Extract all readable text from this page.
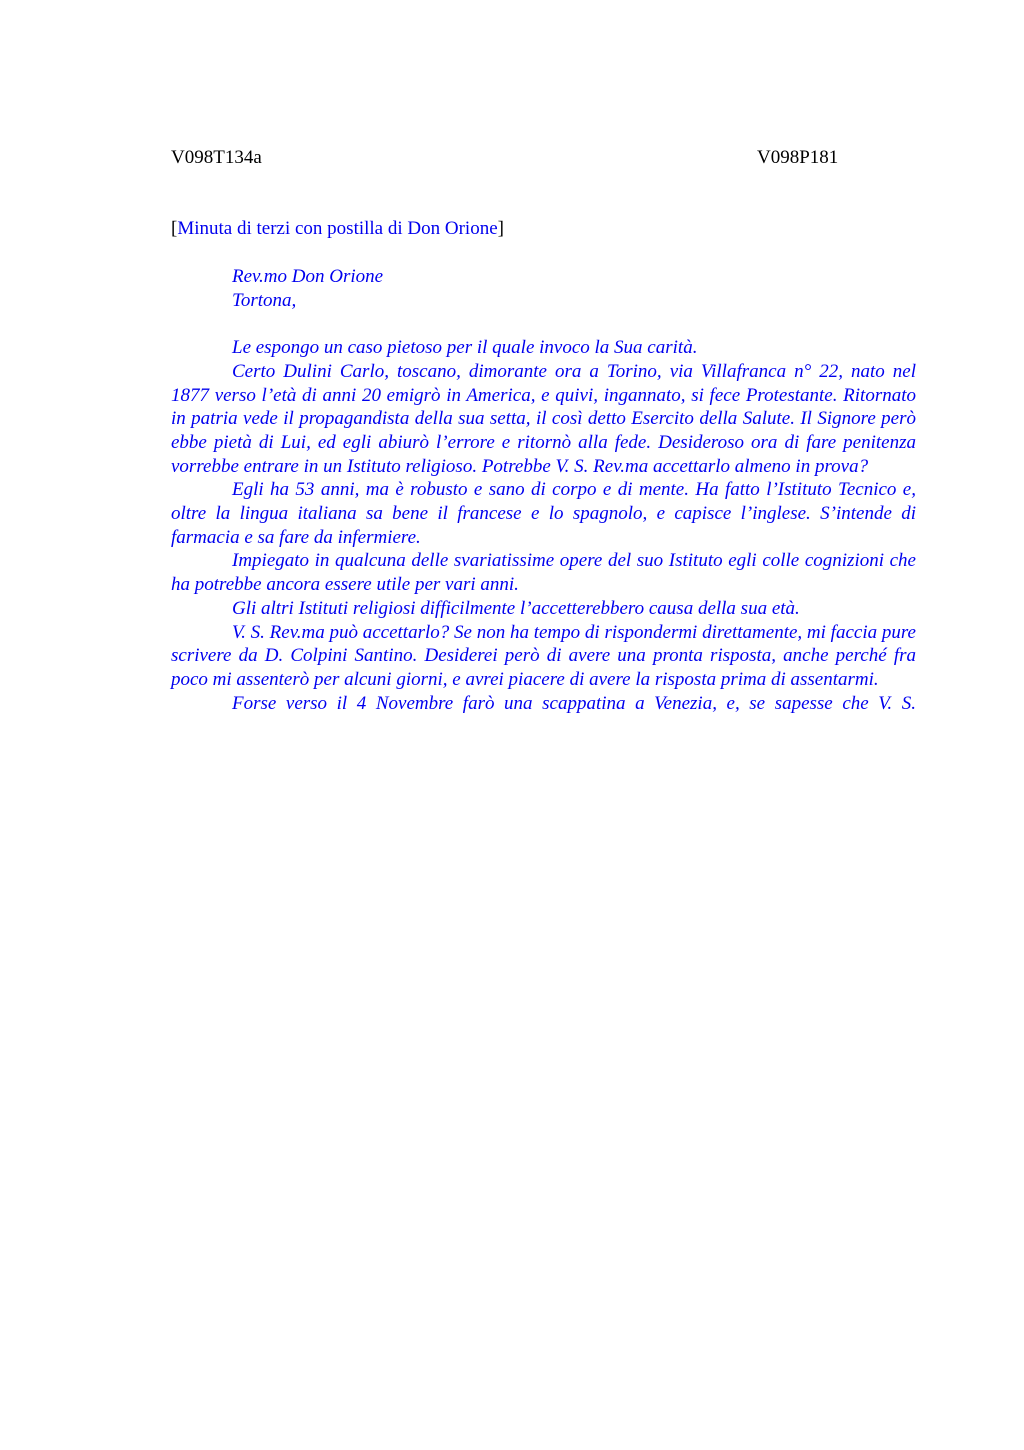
V098T134a	V098P181
[Minuta di terzi con postilla di Don Orione]
Rev.mo Don Orione
Tortona,

Le espongo un caso pietoso per il quale invoco la Sua carità.

Certo Dulini Carlo, toscano, dimorante ora a Torino, via Villafranca n° 22, nato nel 1877 verso l’età di anni 20 emigrò in America, e quivi, ingannato, si fece Protestante. Ritornato in patria vede il propagandista della sua setta, il così detto Esercito della Salute. Il Signore però ebbe pietà di Lui, ed egli abiurò l’errore e ritornò alla fede. Desideroso ora di fare penitenza vorrebbe entrare in un Istituto religioso. Potrebbe V. S. Rev.ma accettarlo almeno in prova?

Egli ha 53 anni, ma è robusto e sano di corpo e di mente. Ha fatto l’Istituto Tecnico e, oltre la lingua italiana sa bene il francese e lo spagnolo, e capisce l’inglese. S’intende di farmacia e sa fare da infermiere.

Impiegato in qualcuna delle svariatissime opere del suo Istituto egli colle cognizioni che ha potrebbe ancora essere utile per vari anni.

Gli altri Istituti religiosi difficilmente l’accetterebbero causa della sua età.

V. S. Rev.ma può accettarlo? Se non ha tempo di rispondermi direttamente, mi faccia pure scrivere da D. Colpini Santino. Desiderei però di avere una pronta risposta, anche perché fra poco mi assenterò per alcuni giorni, e avrei piacere di avere la risposta prima di assentarmi.

Forse verso il 4 Novembre farò una scappatina a Venezia, e, se sapesse che V. S.
